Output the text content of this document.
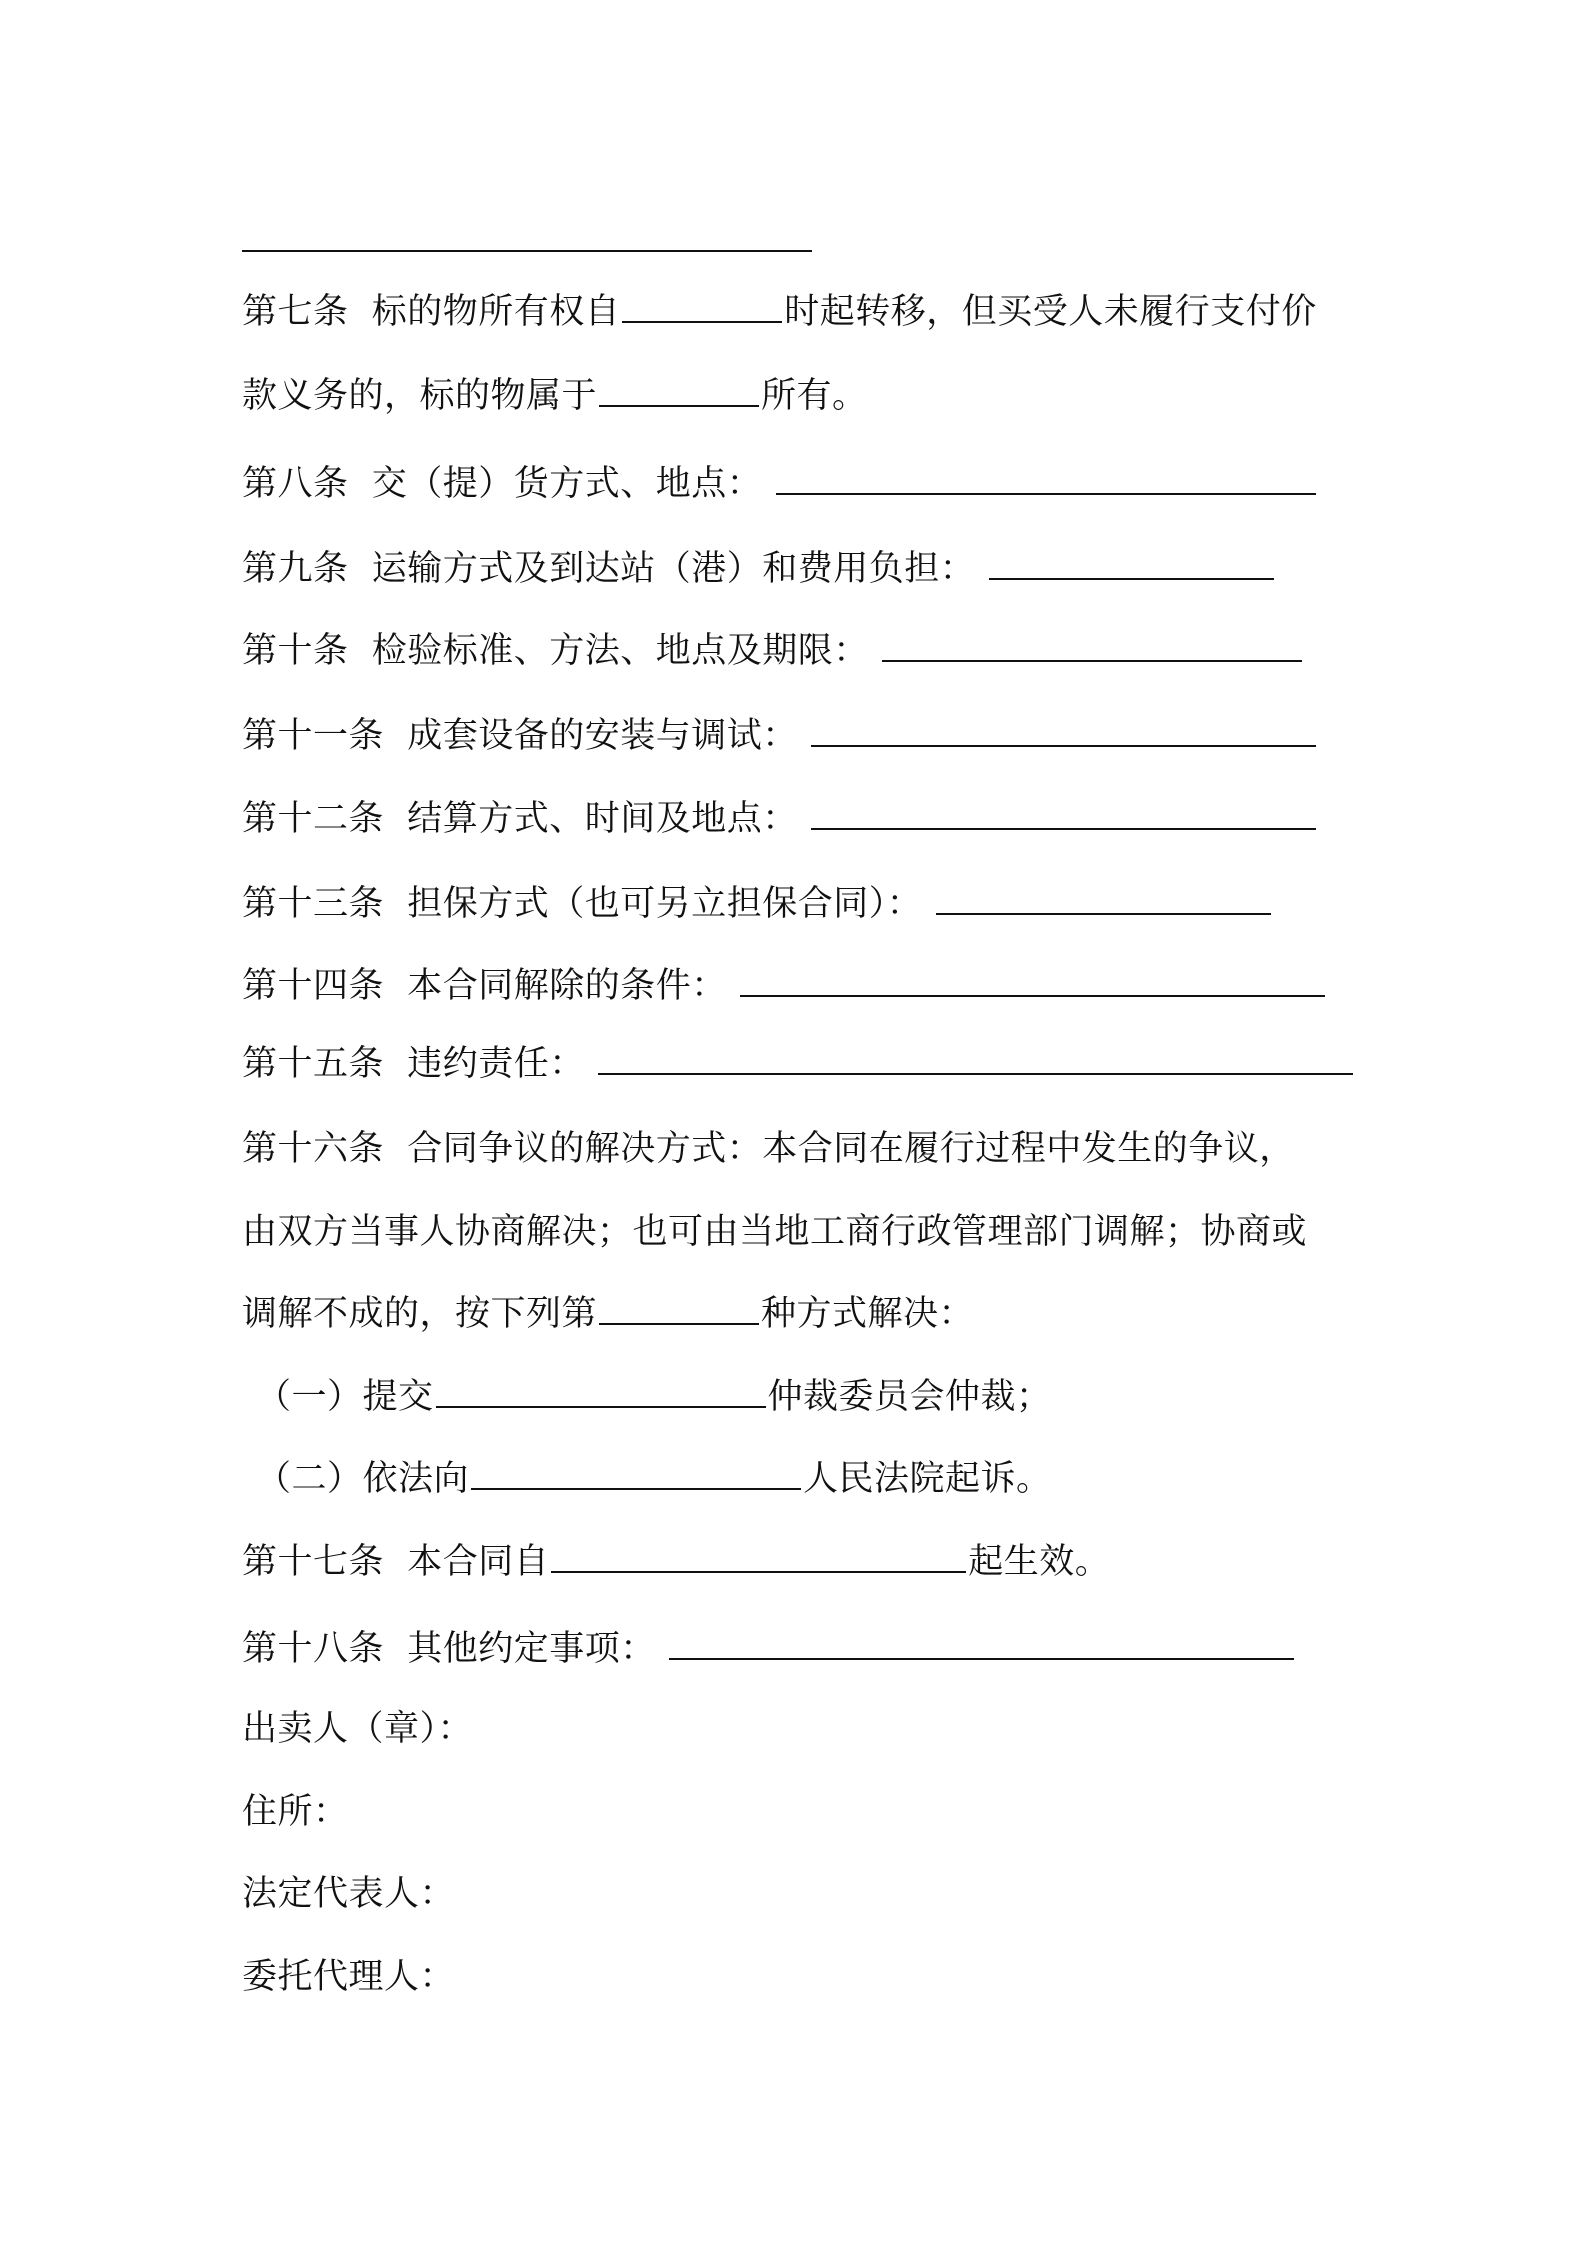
第七条 标的物所有权自	时起转移，但买受人未履行支付价
款义务的，标的物属于	所有。
第八条 交（提）货方式、地点：
第九条 运输方式及到达站（港）和费用负担：
第十条 检验标准、方法、地点及期限：
第十一条 成套设备的安装与调试：
第十二条 结算方式、时间及地点：
第十三条 担保方式（也可另立担保合同）：
第十四条 本合同解除的条件：
第十五条 违约责任：
第十六条 合同争议的解决方式：本合同在履行过程中发生的争议，
由双方当事人协商解决；也可由当地工商行政管理部门调解；协商或
调解不成的，按下列第	种方式解决：
（一）提交	仲裁委员会仲裁；
（二）依法向	人民法院起诉。
第十七条 本合同自	起生效。
第十八条 其他约定事项：
出卖人（章）：
住所：
法定代表人：
委托代理人：
